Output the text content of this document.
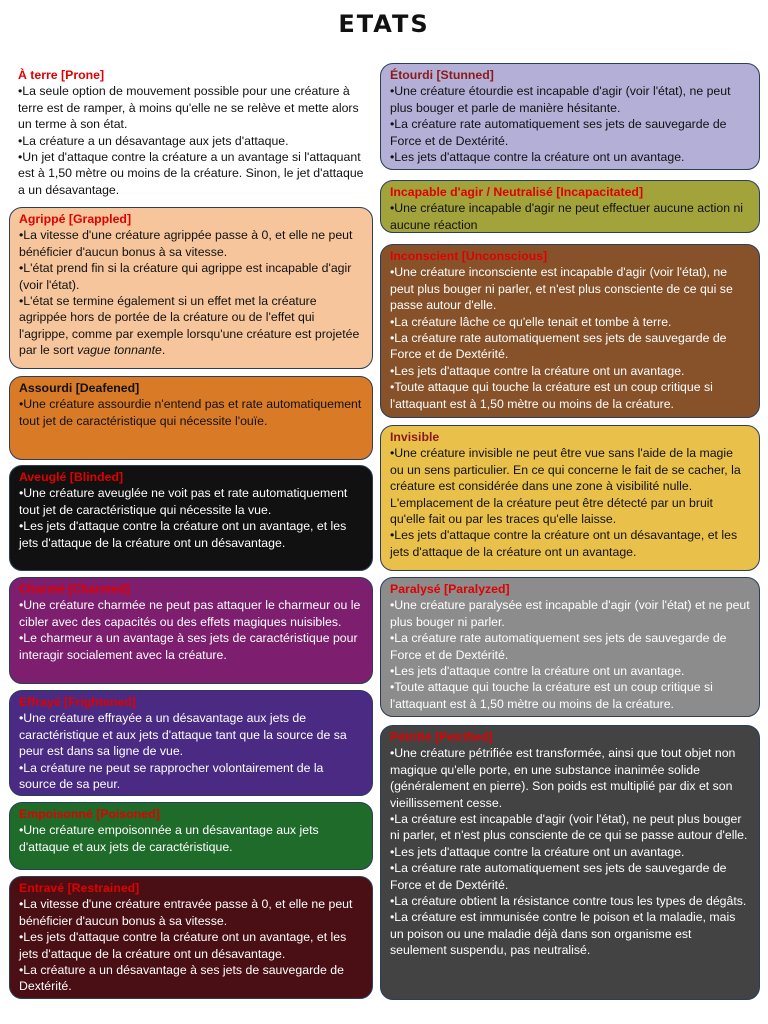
ETATS
À terre [Prone]
•La seule option de mouvement possible pour une créature à terre est de ramper, à moins qu'elle ne se relève et mette alors un terme à son état.
•La créature a un désavantage aux jets d'attaque.
•Un jet d'attaque contre la créature a un avantage si l'attaquant est à 1,50 mètre ou moins de la créature. Sinon, le jet d'attaque a un désavantage.
Agrippé [Grappled]
•La vitesse d'une créature agrippée passe à 0, et elle ne peut bénéficier d'aucun bonus à sa vitesse.
•L'état prend fin si la créature qui agrippe est incapable d'agir (voir l'état).
•L'état se termine également si un effet met la créature agrippée hors de portée de la créature ou de l'effet qui l'agrippe, comme par exemple lorsqu'une créature est projetée par le sort vague tonnante.
Assourdi [Deafened]
•Une créature assourdie n'entend pas et rate automatiquement tout jet de caractéristique qui nécessite l'ouïe.
Aveuglé [Blinded]
•Une créature aveuglée ne voit pas et rate automatiquement tout jet de caractéristique qui nécessite la vue.
•Les jets d'attaque contre la créature ont un avantage, et les jets d'attaque de la créature ont un désavantage.
Charmé [Charmed]
•Une créature charmée ne peut pas attaquer le charmeur ou le cibler avec des capacités ou des effets magiques nuisibles.
•Le charmeur a un avantage à ses jets de caractéristique pour interagir socialement avec la créature.
Effrayé [Frightened]
•Une créature effrayée a un désavantage aux jets de caractéristique et aux jets d'attaque tant que la source de sa peur est dans sa ligne de vue.
•La créature ne peut se rapprocher volontairement de la source de sa peur.
Empoisonné [Poisoned]
•Une créature empoisonnée a un désavantage aux jets d'attaque et aux jets de caractéristique.
Entravé [Restrained]
•La vitesse d'une créature entravée passe à 0, et elle ne peut bénéficier d'aucun bonus à sa vitesse.
•Les jets d'attaque contre la créature ont un avantage, et les jets d'attaque de la créature ont un désavantage.
•La créature a un désavantage à ses jets de sauvegarde de Dextérité.
Étourdi [Stunned]
•Une créature étourdie est incapable d'agir (voir l'état), ne peut plus bouger et parle de manière hésitante.
•La créature rate automatiquement ses jets de sauvegarde de Force et de Dextérité.
•Les jets d'attaque contre la créature ont un avantage.
Incapable d'agir / Neutralisé [Incapacitated]
•Une créature incapable d'agir ne peut effectuer aucune action ni aucune réaction
Inconscient [Unconscious]
•Une créature inconsciente est incapable d'agir (voir l'état), ne peut plus bouger ni parler, et n'est plus consciente de ce qui se passe autour d'elle.
•La créature lâche ce qu'elle tenait et tombe à terre.
•La créature rate automatiquement ses jets de sauvegarde de Force et de Dextérité.
•Les jets d'attaque contre la créature ont un avantage.
•Toute attaque qui touche la créature est un coup critique si l'attaquant est à 1,50 mètre ou moins de la créature.
Invisible
•Une créature invisible ne peut être vue sans l'aide de la magie ou un sens particulier. En ce qui concerne le fait de se cacher, la créature est considérée dans une zone à visibilité nulle. L'emplacement de la créature peut être détecté par un bruit qu'elle fait ou par les traces qu'elle laisse.
•Les jets d'attaque contre la créature ont un désavantage, et les jets d'attaque de la créature ont un avantage.
Paralysé [Paralyzed]
•Une créature paralysée est incapable d'agir (voir l'état) et ne peut plus bouger ni parler.
•La créature rate automatiquement ses jets de sauvegarde de Force et de Dextérité.
•Les jets d'attaque contre la créature ont un avantage.
•Toute attaque qui touche la créature est un coup critique si l'attaquant est à 1,50 mètre ou moins de la créature.
Pétrifié [Petrified]
•Une créature pétrifiée est transformée, ainsi que tout objet non magique qu'elle porte, en une substance inanimée solide (généralement en pierre). Son poids est multiplié par dix et son vieillissement cesse.
•La créature est incapable d'agir (voir l'état), ne peut plus bouger ni parler, et n'est plus consciente de ce qui se passe autour d'elle.
•Les jets d'attaque contre la créature ont un avantage.
•La créature rate automatiquement ses jets de sauvegarde de Force et de Dextérité.
•La créature obtient la résistance contre tous les types de dégâts.
•La créature est immunisée contre le poison et la maladie, mais un poison ou une maladie déjà dans son organisme est seulement suspendu, pas neutralisé.
